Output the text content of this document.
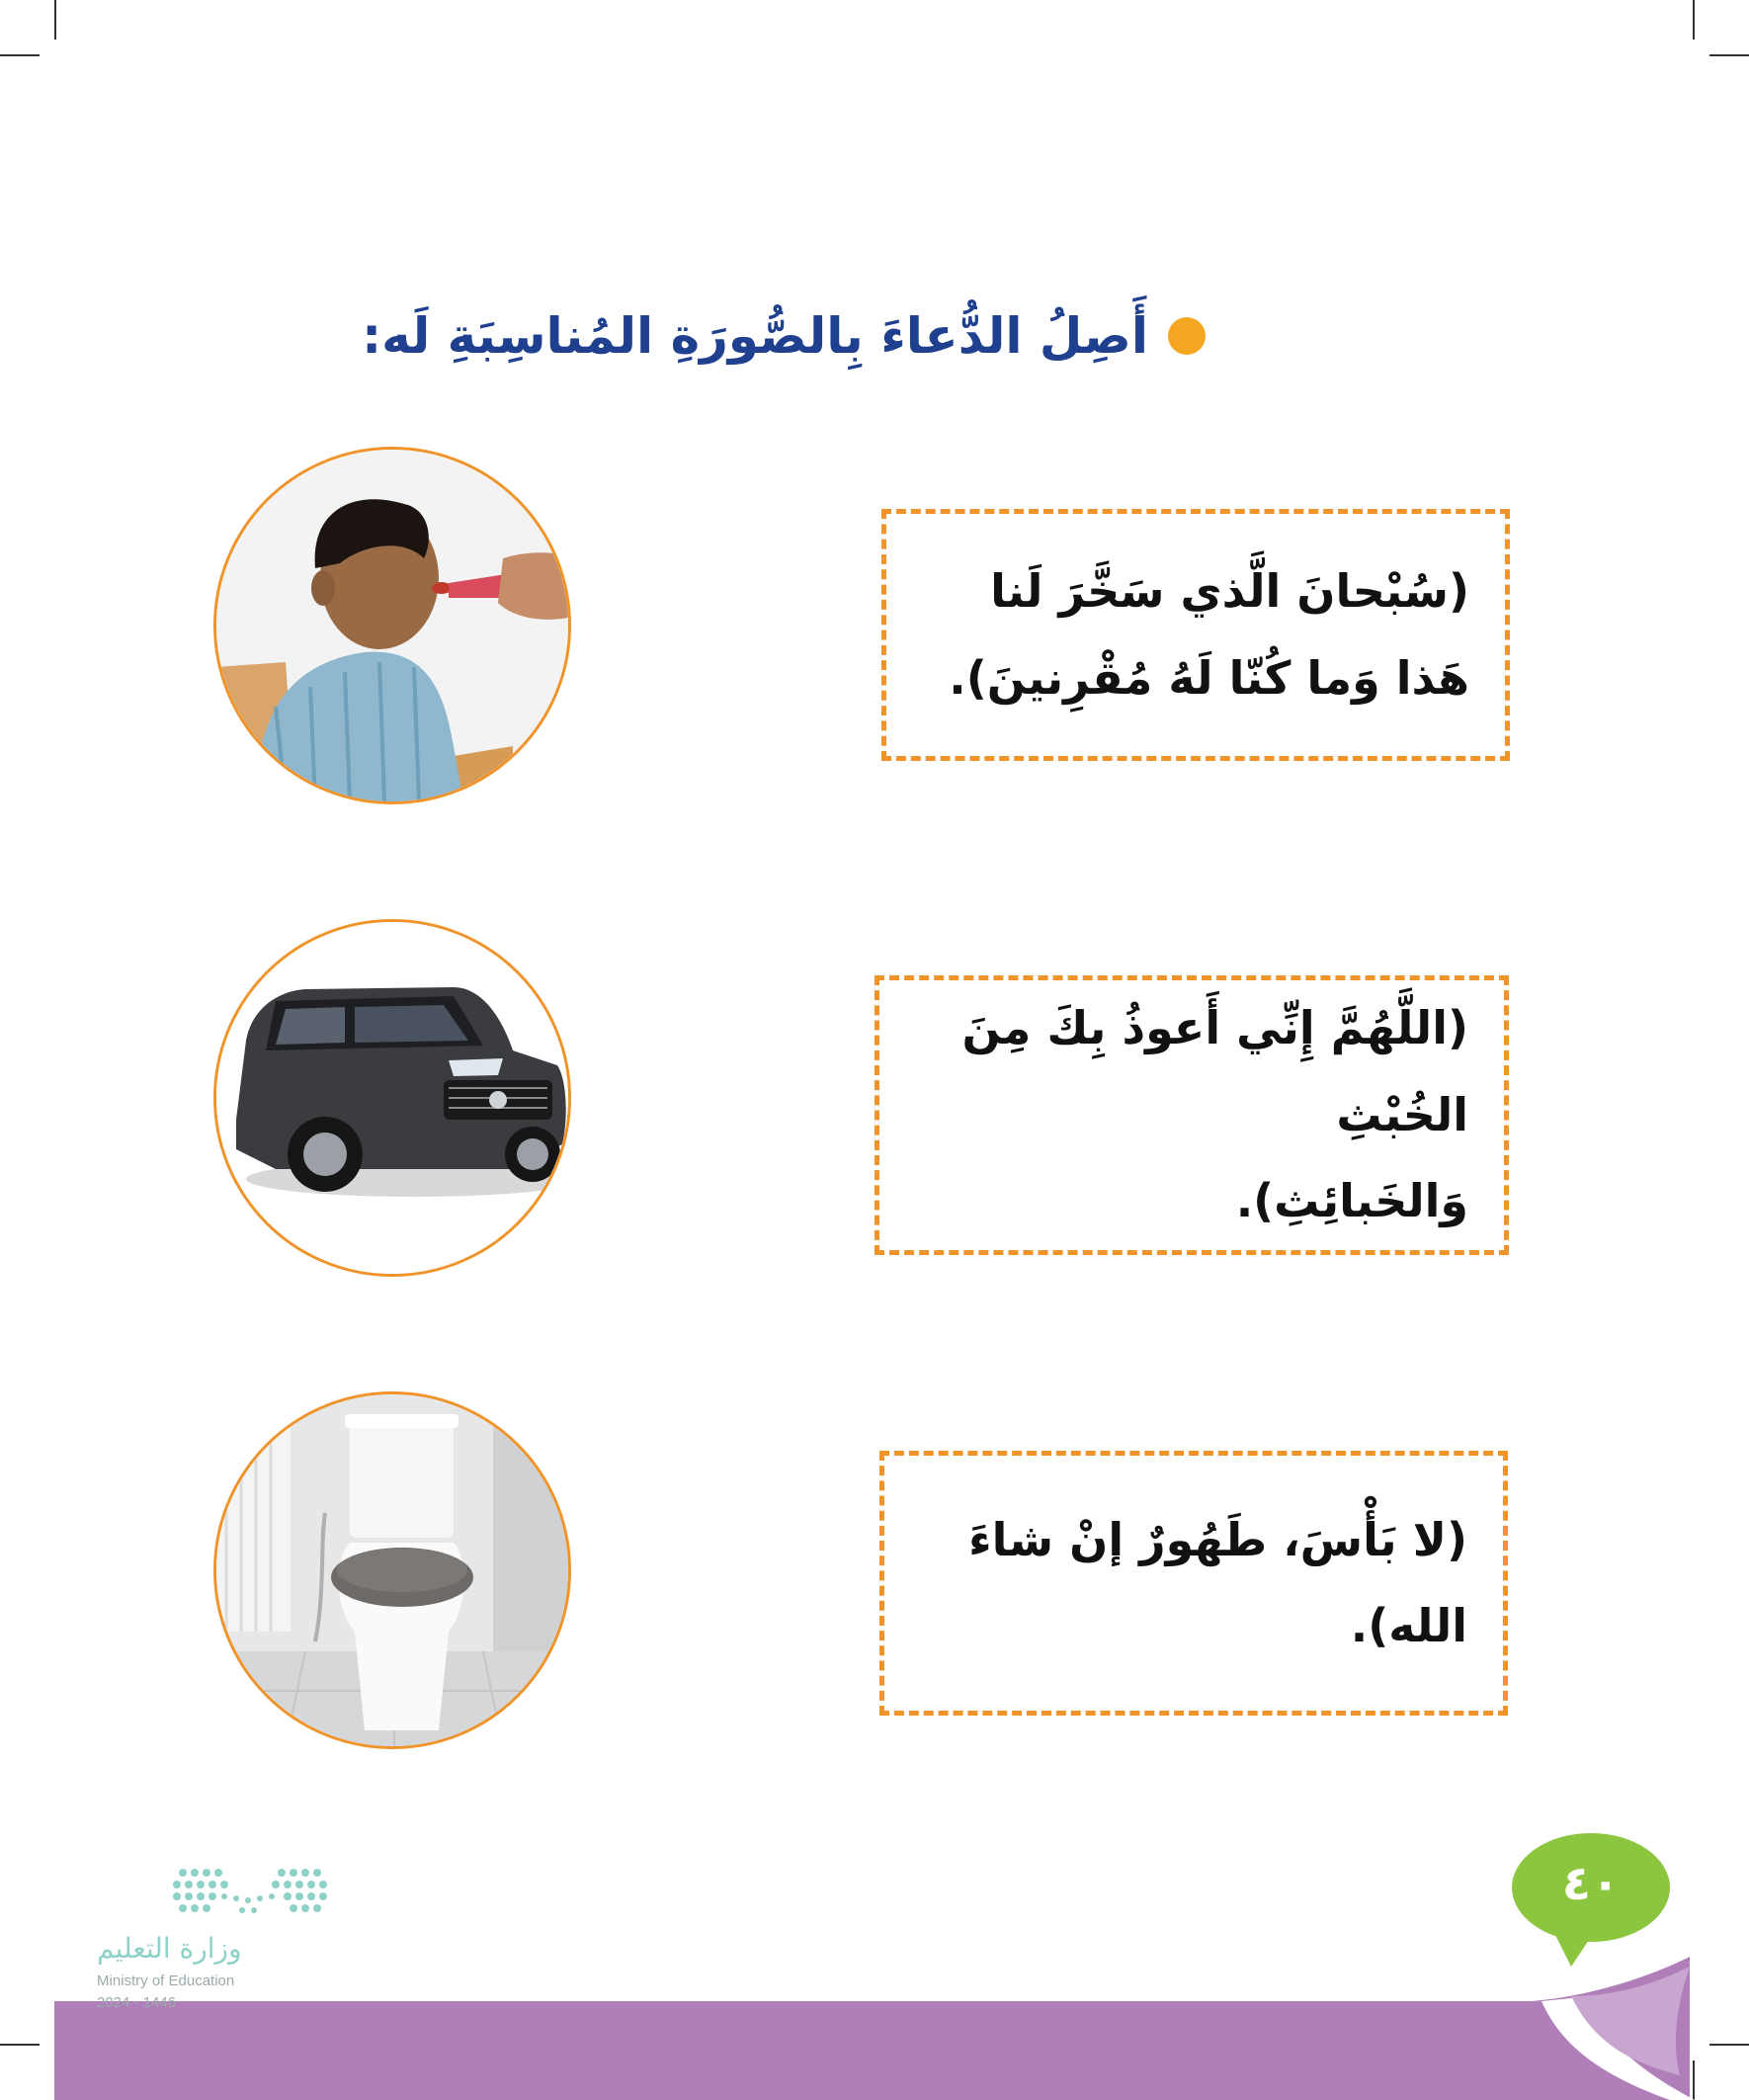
أَصِلُ الدُّعاءَ بِالصُّورَةِ المُناسِبَةِ لَه:
(سُبْحانَ الَّذي سَخَّرَ لَنا
هَذا وَما كُنّا لَهُ مُقْرِنينَ).
(اللَّهُمَّ إِنِّي أَعوذُ بِكَ مِنَ الخُبْثِ
وَالخَبائِثِ).
(لا بَأْسَ، طَهُورٌ إنْ شاءَ الله).
٤٠
وزارة التعليم
Ministry of Education
2024 - 1446
